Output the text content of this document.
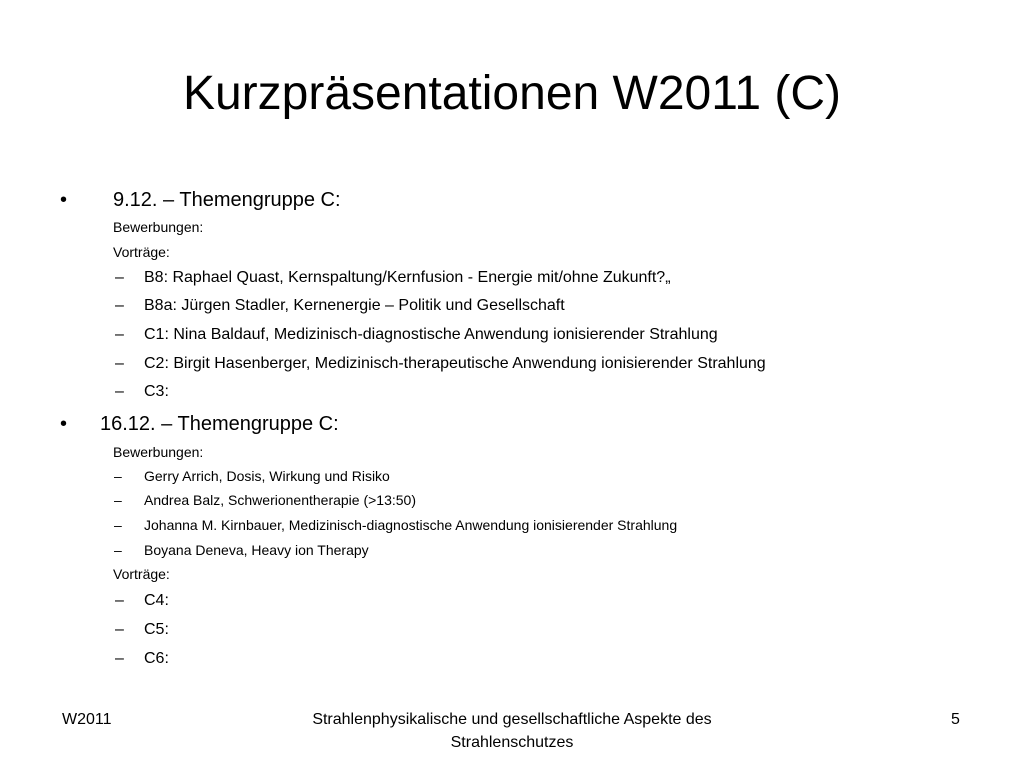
Kurzpräsentationen W2011 (C)
• 9.12. – Themengruppe C:
Bewerbungen:
Vorträge:
– B8: Raphael Quast, Kernspaltung/Kernfusion - Energie mit/ohne Zukunft?„
– B8a: Jürgen Stadler, Kernenergie – Politik und Gesellschaft
– C1: Nina Baldauf, Medizinisch-diagnostische Anwendung ionisierender Strahlung
– C2: Birgit Hasenberger, Medizinisch-therapeutische Anwendung ionisierender Strahlung
– C3:
• 16.12. – Themengruppe C:
Bewerbungen:
– Gerry Arrich, Dosis, Wirkung und Risiko
– Andrea Balz, Schwerionentherapie (>13:50)
– Johanna M. Kirnbauer, Medizinisch-diagnostische Anwendung ionisierender Strahlung
– Boyana Deneva, Heavy ion Therapy
Vorträge:
– C4:
– C5:
– C6:
W2011	Strahlenphysikalische und gesellschaftliche Aspekte des Strahlenschutzes
5
